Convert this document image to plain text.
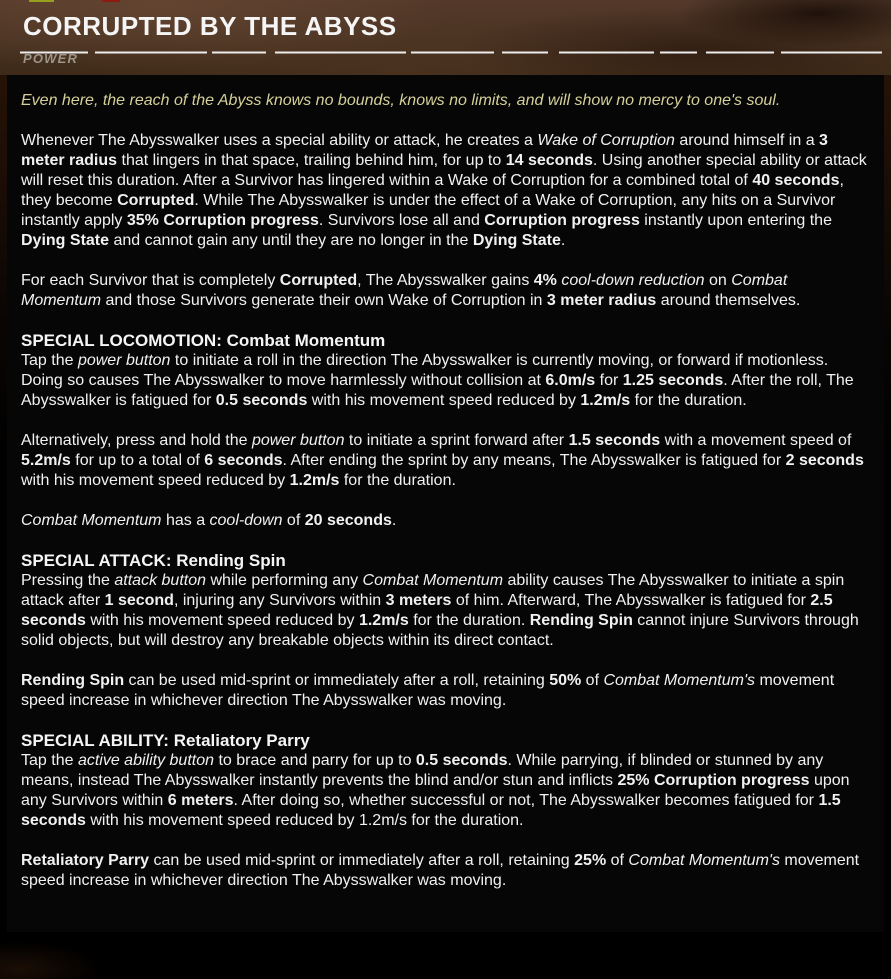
CORRUPTED BY THE ABYSS
POWER

Even here, the reach of the Abyss knows no bounds, knows no limits, and will show no mercy to one's soul.

Whenever The Abysswalker uses a special ability or attack, he creates a Wake of Corruption around himself in a 3 meter radius that lingers in that space, trailing behind him, for up to 14 seconds. Using another special ability or attack will reset this duration. After a Survivor has lingered within a Wake of Corruption for a combined total of 40 seconds, they become Corrupted. While The Abysswalker is under the effect of a Wake of Corruption, any hits on a Survivor instantly apply 35% Corruption progress. Survivors lose all and Corruption progress instantly upon entering the Dying State and cannot gain any until they are no longer in the Dying State.

For each Survivor that is completely Corrupted, The Abysswalker gains 4% cool-down reduction on Combat Momentum and those Survivors generate their own Wake of Corruption in 3 meter radius around themselves.

SPECIAL LOCOMOTION: Combat Momentum

Tap the power button to initiate a roll in the direction The Abysswalker is currently moving, or forward if motionless. Doing so causes The Abysswalker to move harmlessly without collision at 6.0m/s for 1.25 seconds. After the roll, The Abysswalker is fatigued for 0.5 seconds with his movement speed reduced by 1.2m/s for the duration.

Alternatively, press and hold the power button to initiate a sprint forward after 1.5 seconds with a movement speed of 5.2m/s for up to a total of 6 seconds. After ending the sprint by any means, The Abysswalker is fatigued for 2 seconds with his movement speed reduced by 1.2m/s for the duration.

Combat Momentum has a cool-down of 20 seconds.

SPECIAL ATTACK: Rending Spin

Pressing the attack button while performing any Combat Momentum ability causes The Abysswalker to initiate a spin attack after 1 second, injuring any Survivors within 3 meters of him. Afterward, The Abysswalker is fatigued for 2.5 seconds with his movement speed reduced by 1.2m/s for the duration. Rending Spin cannot injure Survivors through solid objects, but will destroy any breakable objects within its direct contact.

Rending Spin can be used mid-sprint or immediately after a roll, retaining 50% of Combat Momentum's movement speed increase in whichever direction The Abysswalker was moving.

SPECIAL ABILITY: Retaliatory Parry

Tap the active ability button to brace and parry for up to 0.5 seconds. While parrying, if blinded or stunned by any means, instead The Abysswalker instantly prevents the blind and/or stun and inflicts 25% Corruption progress upon any Survivors within 6 meters. After doing so, whether successful or not, The Abysswalker becomes fatigued for 1.5 seconds with his movement speed reduced by 1.2m/s for the duration.

Retaliatory Parry can be used mid-sprint or immediately after a roll, retaining 25% of Combat Momentum's movement speed increase in whichever direction The Abysswalker was moving.
